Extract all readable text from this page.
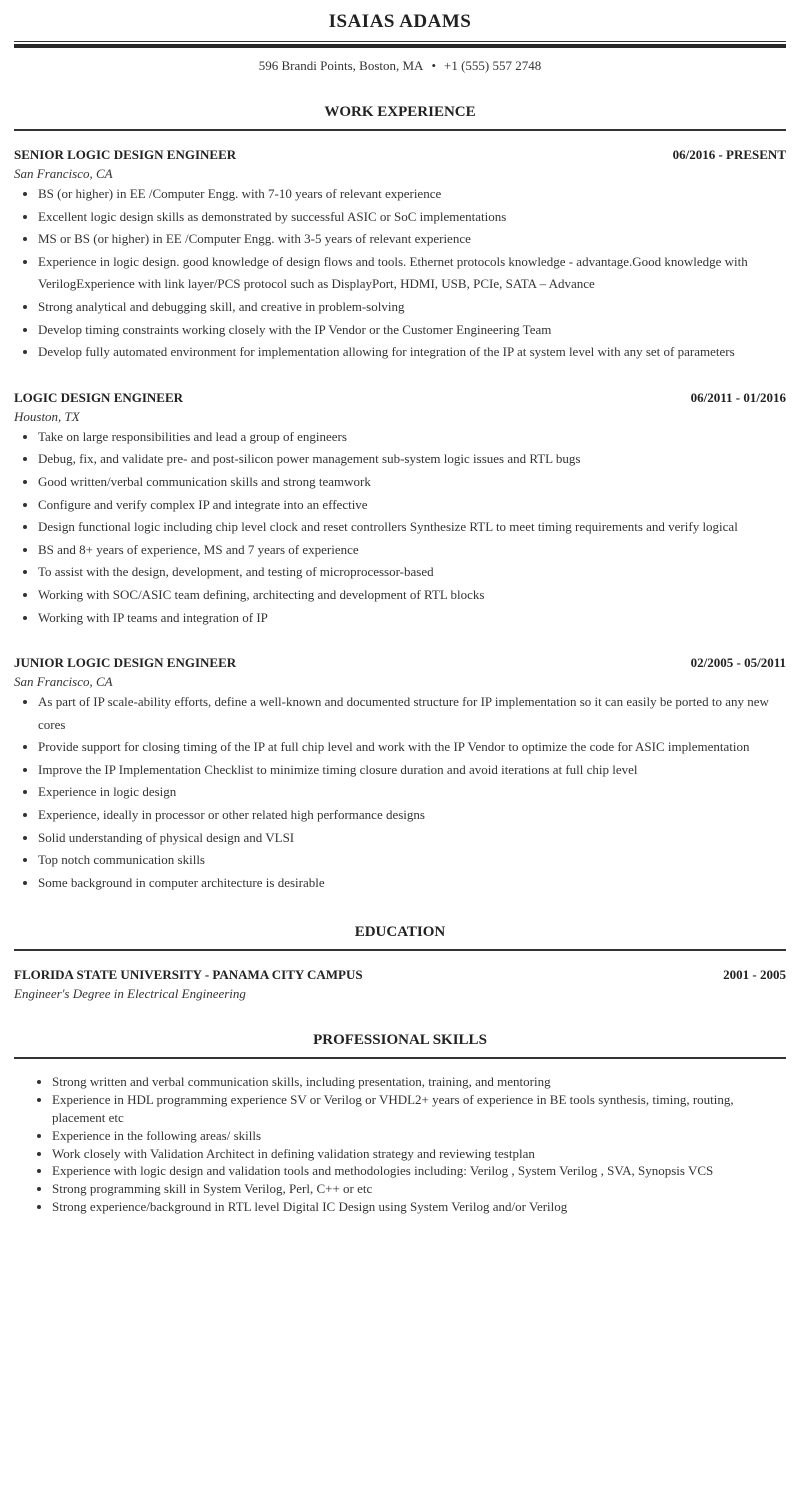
ISAIAS ADAMS
596 Brandi Points, Boston, MA • +1 (555) 557 2748
WORK EXPERIENCE
SENIOR LOGIC DESIGN ENGINEER	06/2016 - PRESENT
San Francisco, CA
• BS (or higher) in EE /Computer Engg. with 7-10 years of relevant experience
• Excellent logic design skills as demonstrated by successful ASIC or SoC implementations
• MS or BS (or higher) in EE /Computer Engg. with 3-5 years of relevant experience
• Experience in logic design. good knowledge of design flows and tools. Ethernet protocols knowledge - advantage.Good knowledge with VerilogExperience with link layer/PCS protocol such as DisplayPort, HDMI, USB, PCIe, SATA – Advance
• Strong analytical and debugging skill, and creative in problem-solving
• Develop timing constraints working closely with the IP Vendor or the Customer Engineering Team
• Develop fully automated environment for implementation allowing for integration of the IP at system level with any set of parameters
LOGIC DESIGN ENGINEER	06/2011 - 01/2016
Houston, TX
• Take on large responsibilities and lead a group of engineers
• Debug, fix, and validate pre- and post-silicon power management sub-system logic issues and RTL bugs
• Good written/verbal communication skills and strong teamwork
• Configure and verify complex IP and integrate into an effective
• Design functional logic including chip level clock and reset controllers Synthesize RTL to meet timing requirements and verify logical
• BS and 8+ years of experience, MS and 7 years of experience
• To assist with the design, development, and testing of microprocessor-based
• Working with SOC/ASIC team defining, architecting and development of RTL blocks
• Working with IP teams and integration of IP
JUNIOR LOGIC DESIGN ENGINEER	02/2005 - 05/2011
San Francisco, CA
• As part of IP scale-ability efforts, define a well-known and documented structure for IP implementation so it can easily be ported to any new cores
• Provide support for closing timing of the IP at full chip level and work with the IP Vendor to optimize the code for ASIC implementation
• Improve the IP Implementation Checklist to minimize timing closure duration and avoid iterations at full chip level
• Experience in logic design
• Experience, ideally in processor or other related high performance designs
• Solid understanding of physical design and VLSI
• Top notch communication skills
• Some background in computer architecture is desirable
EDUCATION
FLORIDA STATE UNIVERSITY - PANAMA CITY CAMPUS	2001 - 2005
Engineer's Degree in Electrical Engineering
PROFESSIONAL SKILLS
• Strong written and verbal communication skills, including presentation, training, and mentoring
• Experience in HDL programming experience SV or Verilog or VHDL2+ years of experience in BE tools synthesis, timing, routing, placement etc
• Experience in the following areas/ skills
• Work closely with Validation Architect in defining validation strategy and reviewing testplan
• Experience with logic design and validation tools and methodologies including: Verilog , System Verilog , SVA, Synopsis VCS
• Strong programming skill in System Verilog, Perl, C++ or etc
• Strong experience/background in RTL level Digital IC Design using System Verilog and/or Verilog
